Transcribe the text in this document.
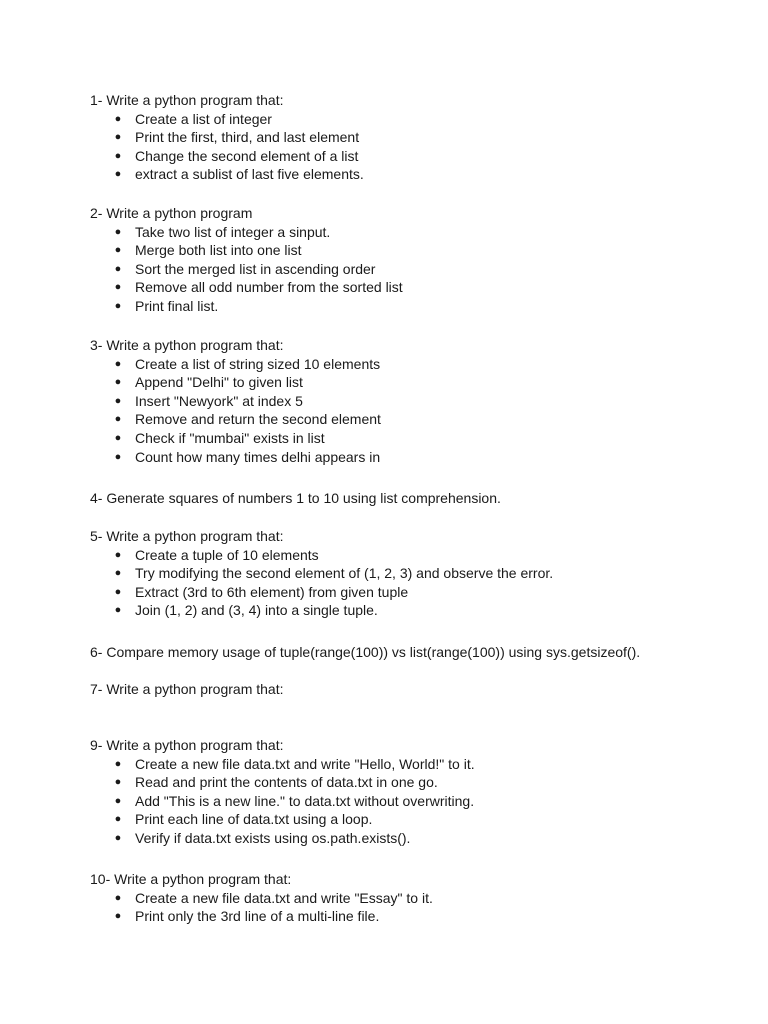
1- Write a python program that:
● Create a list of integer
● Print the first, third, and last element
● Change the second element of a list
● extract a sublist of last five elements.
2- Write a python program
● Take two list of integer a sinput.
● Merge both list into one list
● Sort the merged list in ascending order
● Remove all odd number from the sorted list
● Print final list.
3- Write a python program that:
● Create a list of string sized 10 elements
● Append "Delhi" to given list
● Insert "Newyork" at index 5
● Remove and return the second element
● Check if "mumbai" exists in list
● Count how many times delhi appears in
4- Generate squares of numbers 1 to 10 using list comprehension.
5- Write a python program that:
● Create a tuple of 10 elements
● Try modifying the second element of (1, 2, 3) and observe the error.
● Extract (3rd to 6th element) from given tuple
● Join (1, 2) and (3, 4) into a single tuple.
6- Compare memory usage of tuple(range(100)) vs list(range(100)) using sys.getsizeof().
7- Write a python program that:
9- Write a python program that:
● Create a new file data.txt and write "Hello, World!" to it.
● Read and print the contents of data.txt in one go.
● Add "This is a new line." to data.txt without overwriting.
● Print each line of data.txt using a loop.
● Verify if data.txt exists using os.path.exists().
10- Write a python program that:
● Create a new file data.txt and write "Essay" to it.
● Print only the 3rd line of a multi-line file.
